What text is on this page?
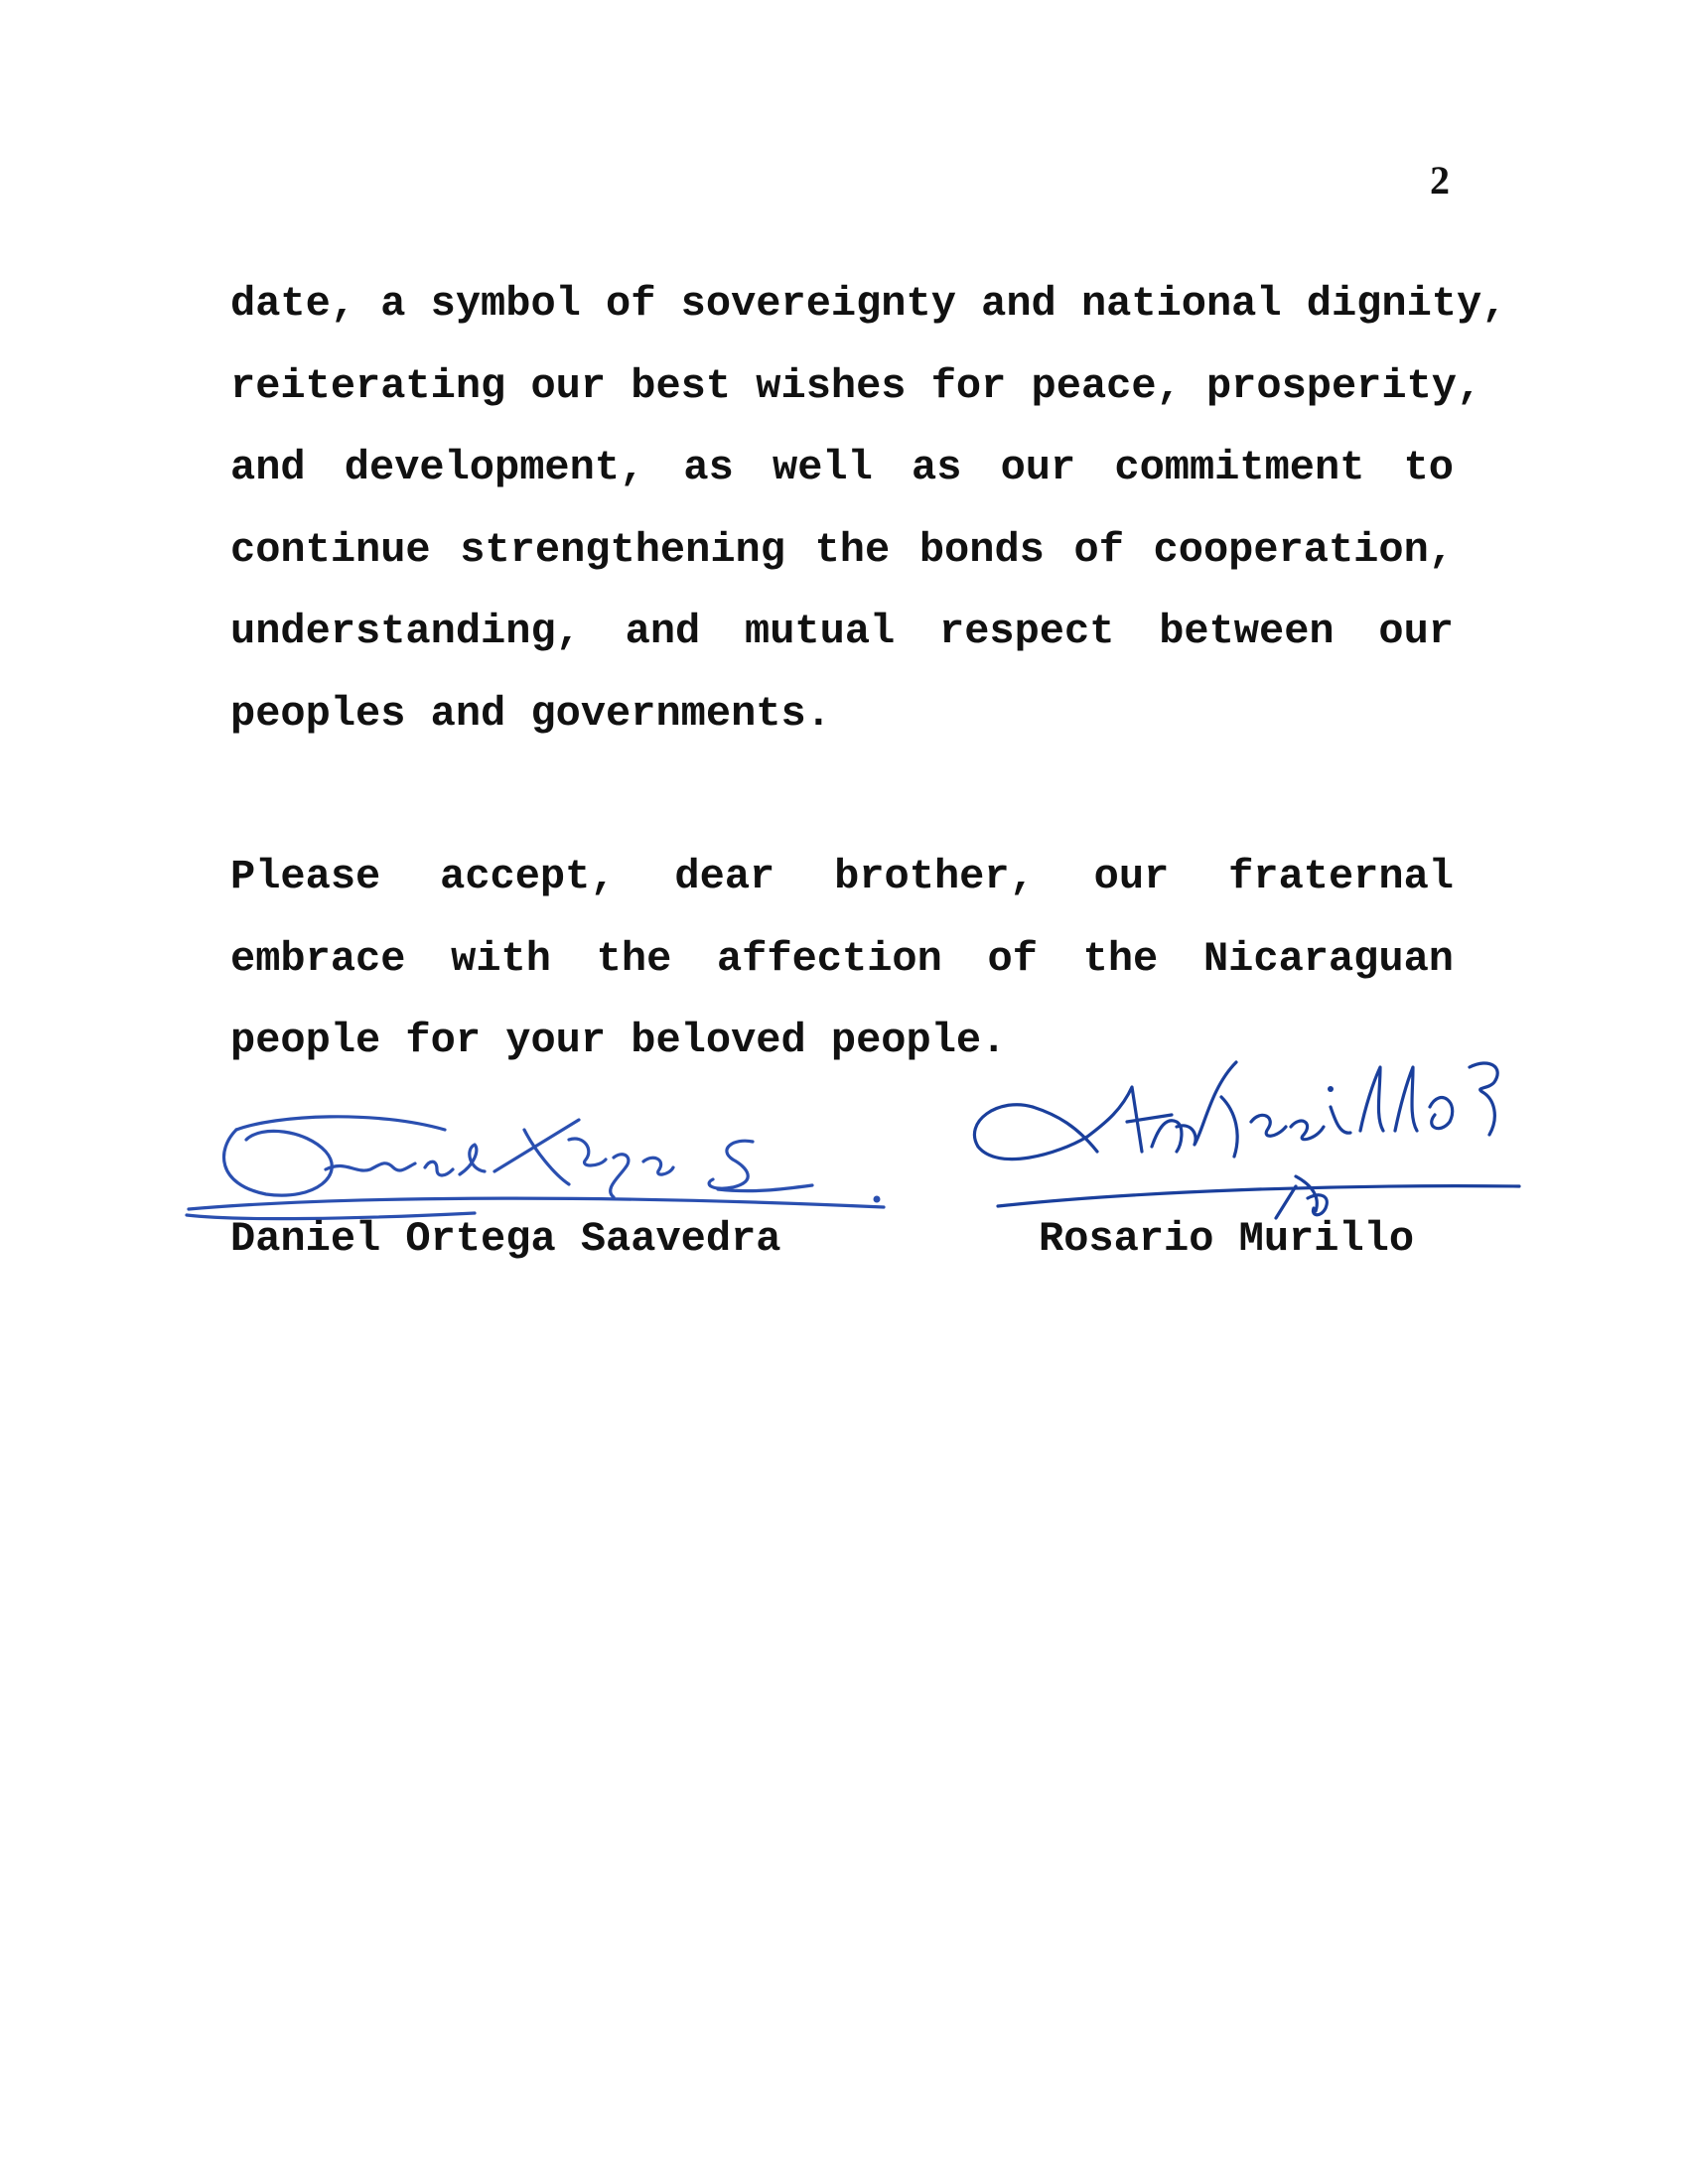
2
date, a symbol of sovereignty and national dignity,
reiterating our best wishes for peace, prosperity,
and development, as well as our commitment to
continue strengthening the bonds of cooperation,
understanding, and mutual respect between our
peoples and governments.
Please accept, dear brother, our fraternal
embrace with the affection of the Nicaraguan
people for your beloved people.
Daniel Ortega Saavedra	Rosario Murillo
